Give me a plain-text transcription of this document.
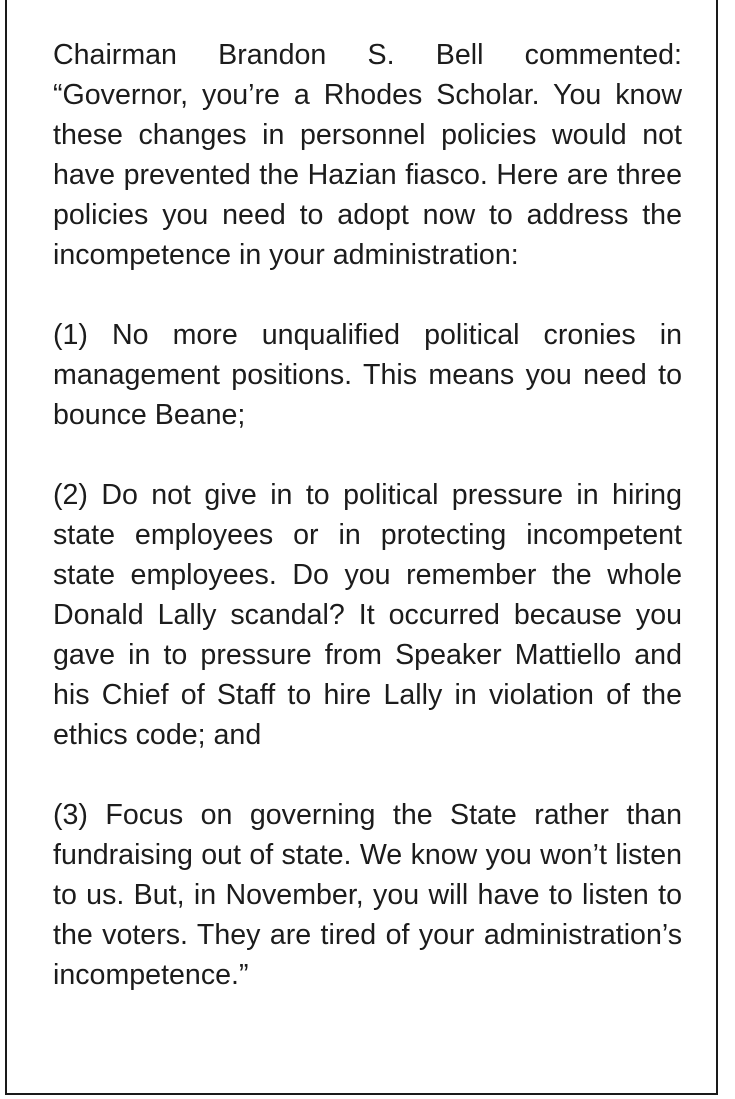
Chairman Brandon S. Bell commented: “Governor, you’re a Rhodes Scholar. You know these changes in personnel policies would not have prevented the Hazian fiasco. Here are three policies you need to adopt now to address the incompetence in your administration:

(1) No more unqualified political cronies in management positions. This means you need to bounce Beane;

(2) Do not give in to political pressure in hiring state employees or in protecting incompetent state employees. Do you remember the whole Donald Lally scandal? It occurred because you gave in to pressure from Speaker Mattiello and his Chief of Staff to hire Lally in violation of the ethics code; and

(3) Focus on governing the State rather than fundraising out of state. We know you won’t listen to us. But, in November, you will have to listen to the voters. They are tired of your administration’s incompetence.”
